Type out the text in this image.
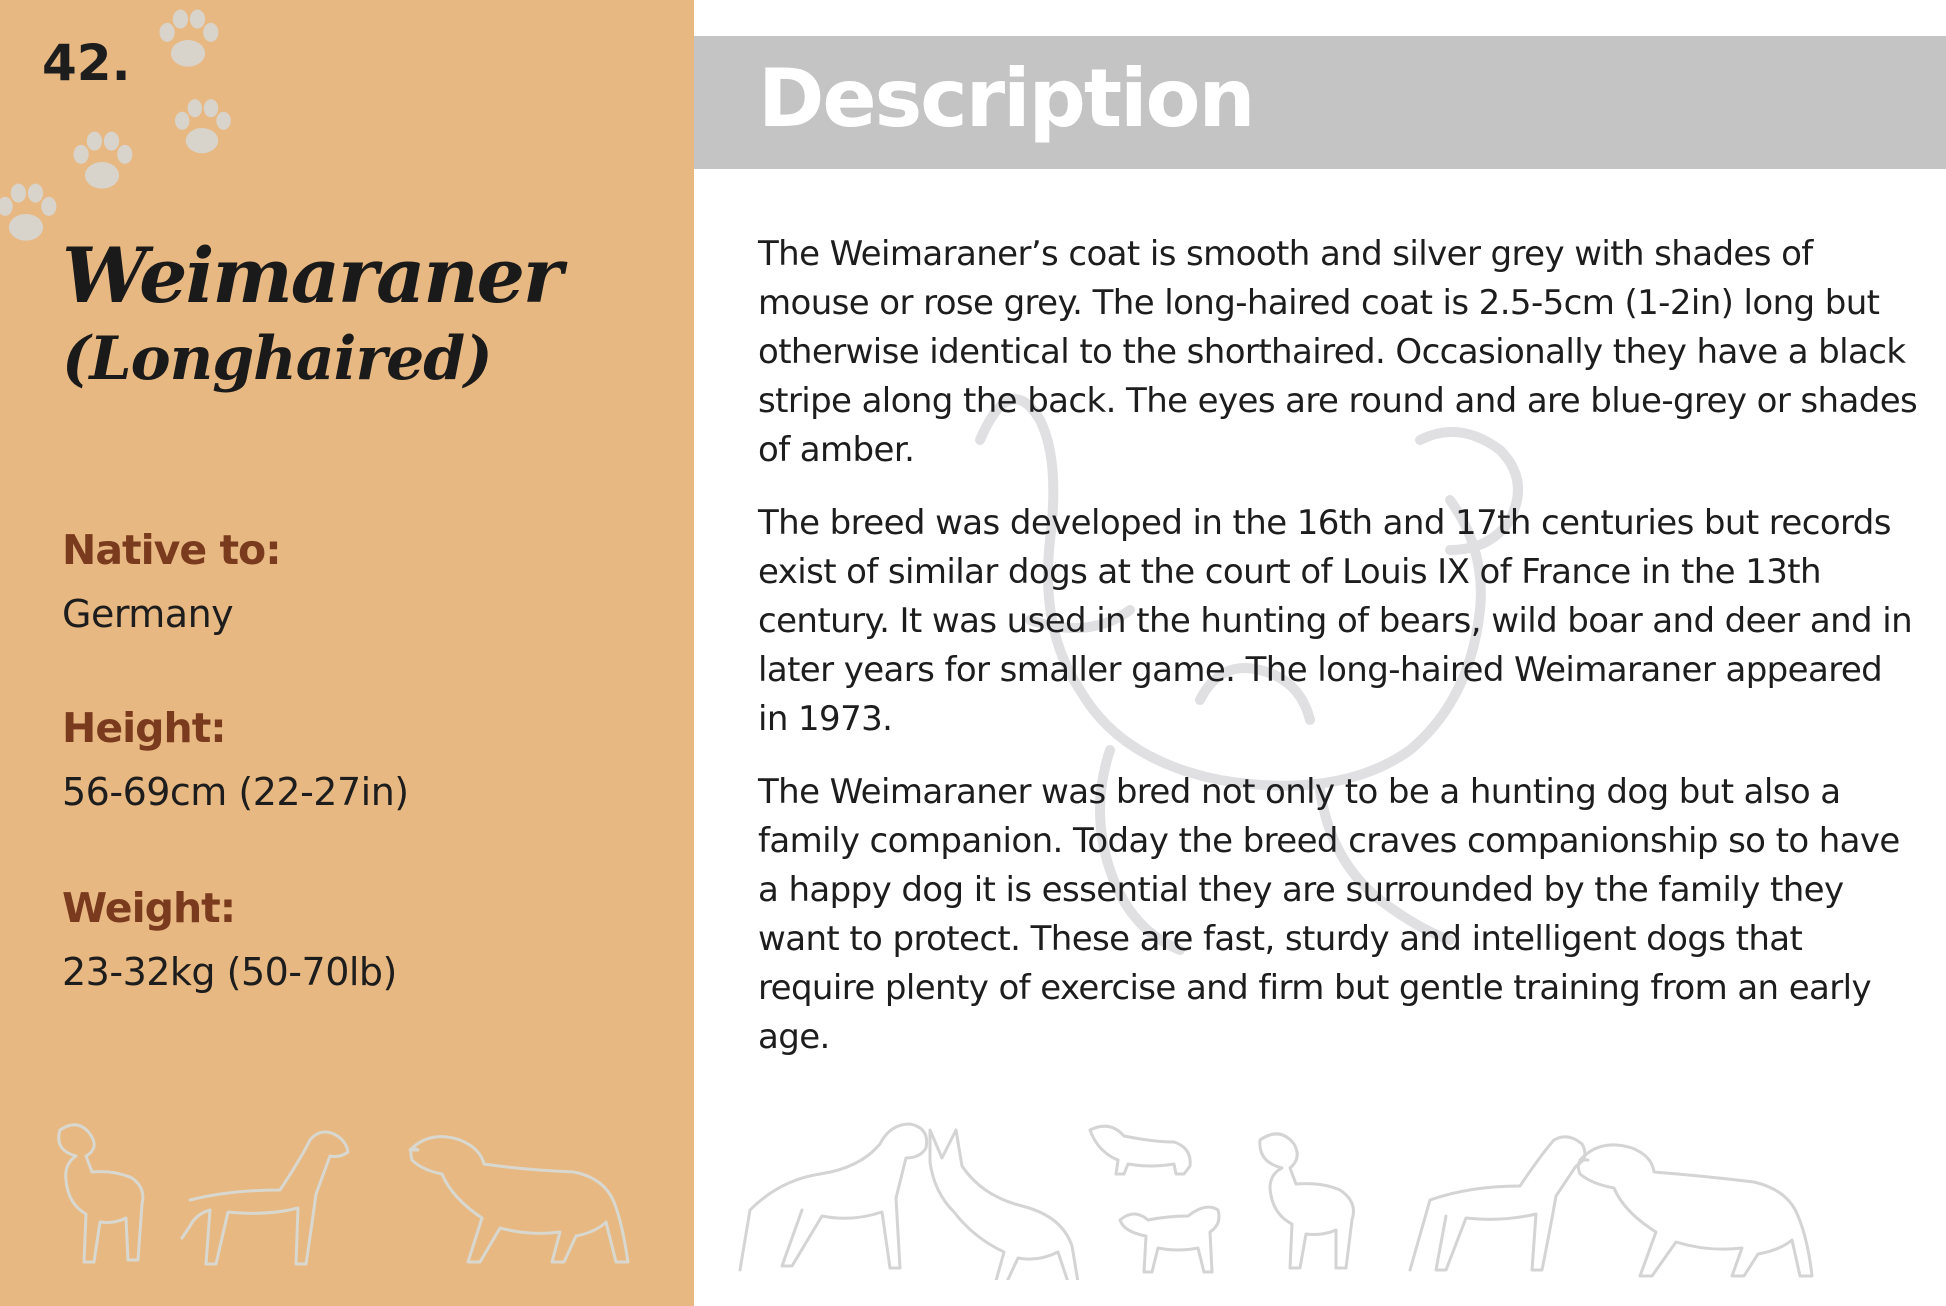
42.
Weimaraner
(Longhaired)
Native to:
Germany
Height:
56-69cm (22-27in)
Weight:
23-32kg (50-70lb)
Description

The Weimaraner’s coat is smooth and silver grey with shades of mouse or rose grey. The long-haired coat is 2.5-5cm (1-2in) long but otherwise identical to the shorthaired. Occasionally they have a black stripe along the back. The eyes are round and are blue-grey or shades of amber.

The breed was developed in the 16th and 17th centuries but records exist of similar dogs at the court of Louis IX of France in the 13th century. It was used in the hunting of bears, wild boar and deer and in later years for smaller game. The long-haired Weimaraner appeared in 1973.

The Weimaraner was bred not only to be a hunting dog but also a family companion. Today the breed craves companionship so to have a happy dog it is essential they are surrounded by the family they want to protect. These are fast, sturdy and intelligent dogs that require plenty of exercise and firm but gentle training from an early age.
